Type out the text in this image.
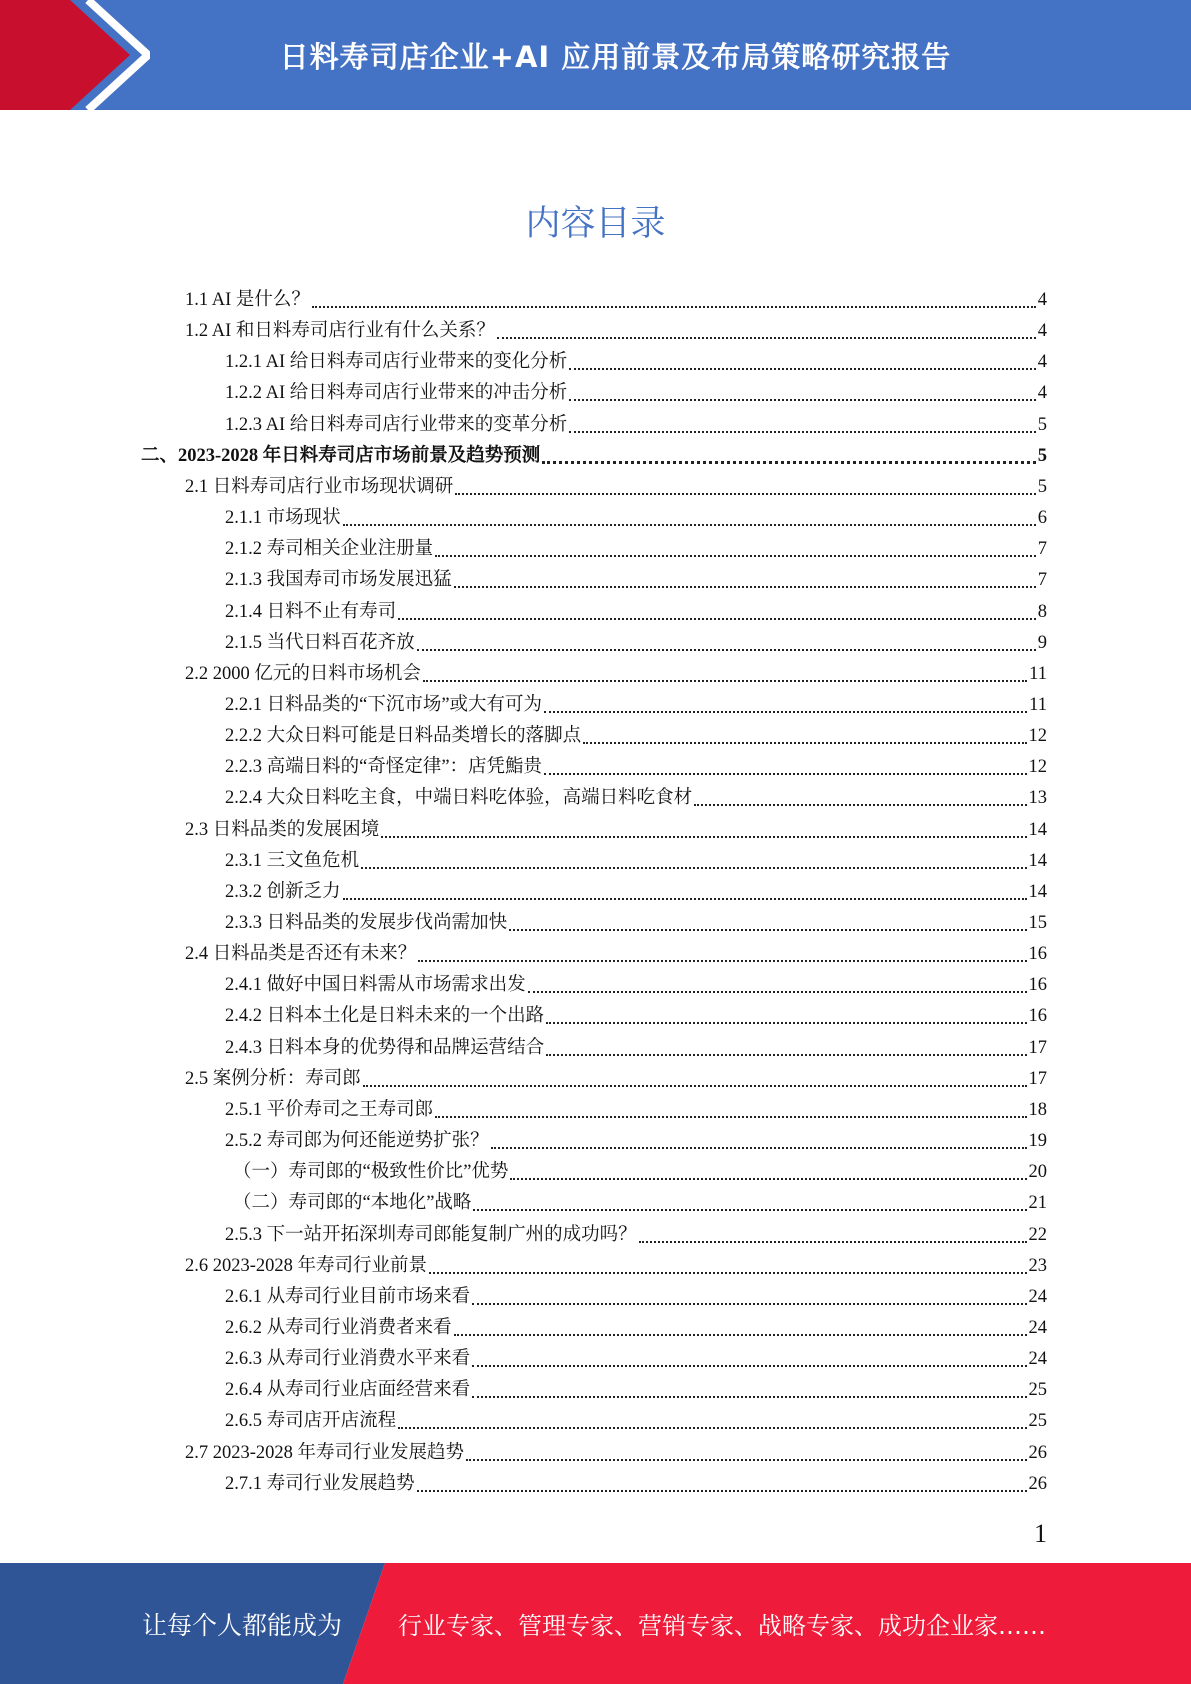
日料寿司店企业+AI 应用前景及布局策略研究报告
内容目录
1.1 AI 是什么？	4
1.2 AI 和日料寿司店行业有什么关系？	4
1.2.1 AI 给日料寿司店行业带来的变化分析	4
1.2.2 AI 给日料寿司店行业带来的冲击分析	4
1.2.3 AI 给日料寿司店行业带来的变革分析	5
二、2023-2028 年日料寿司店市场前景及趋势预测	5
2.1 日料寿司店行业市场现状调研	5
2.1.1 市场现状	6
2.1.2 寿司相关企业注册量	7
2.1.3 我国寿司市场发展迅猛	7
2.1.4 日料不止有寿司	8
2.1.5 当代日料百花齐放	9
2.2 2000 亿元的日料市场机会	11
2.2.1 日料品类的“下沉市场”或大有可为	11
2.2.2 大众日料可能是日料品类增长的落脚点	12
2.2.3 高端日料的“奇怪定律”：店凭鮨贵	12
2.2.4 大众日料吃主食，中端日料吃体验，高端日料吃食材	13
2.3 日料品类的发展困境	14
2.3.1 三文鱼危机	14
2.3.2 创新乏力	14
2.3.3 日料品类的发展步伐尚需加快	15
2.4 日料品类是否还有未来？	16
2.4.1 做好中国日料需从市场需求出发	16
2.4.2 日料本土化是日料未来的一个出路	16
2.4.3 日料本身的优势得和品牌运营结合	17
2.5 案例分析：寿司郎	17
2.5.1 平价寿司之王寿司郎	18
2.5.2 寿司郎为何还能逆势扩张？	19
（一）寿司郎的“极致性价比”优势	20
（二）寿司郎的“本地化”战略	21
2.5.3 下一站开拓深圳寿司郎能复制广州的成功吗？	22
2.6 2023-2028 年寿司行业前景	23
2.6.1 从寿司行业目前市场来看	24
2.6.2 从寿司行业消费者来看	24
2.6.3 从寿司行业消费水平来看	24
2.6.4 从寿司行业店面经营来看	25
2.6.5 寿司店开店流程	25
2.7 2023-2028 年寿司行业发展趋势	26
2.7.1 寿司行业发展趋势	26
1
让每个人都能成为 行业专家、管理专家、营销专家、战略专家、成功企业家……
